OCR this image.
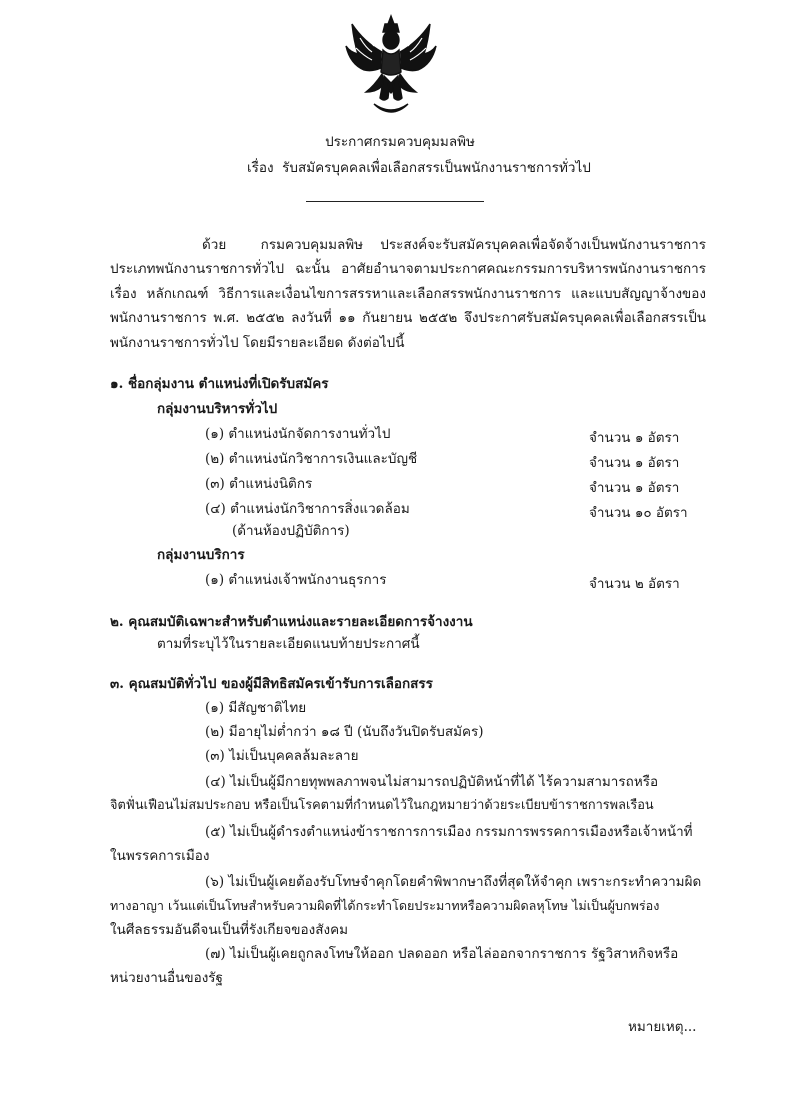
ประกาศกรมควบคุมมลพิษ
เรื่อง รับสมัครบุคคลเพื่อเลือกสรรเป็นพนักงานราชการทั่วไป
ด้วย	กรมควบคุมมลพิษ ประสงค์จะรับสมัครบุคคลเพื่อจัดจ้างเป็นพนักงานราชการประเภทพนักงานราชการทั่วไป ฉะนั้น อาศัยอำนาจตามประกาศคณะกรรมการบริหารพนักงานราชการ เรื่อง หลักเกณฑ์ วิธีการและเงื่อนไขการสรรหาและเลือกสรรพนักงานราชการ และแบบสัญญาจ้างของพนักงานราชการ พ.ศ. ๒๕๕๒ ลงวันที่ ๑๑ กันยายน ๒๕๕๒ จึงประกาศรับสมัครบุคคลเพื่อเลือกสรรเป็นพนักงานราชการทั่วไป โดยมีรายละเอียด ดังต่อไปนี้
๑. ชื่อกลุ่มงาน ตำแหน่งที่เปิดรับสมัคร
กลุ่มงานบริหารทั่วไป
(๑) ตำแหน่งนักจัดการงานทั่วไป	จำนวน ๑ อัตรา
(๒) ตำแหน่งนักวิชาการเงินและบัญชี	จำนวน ๑ อัตรา
(๓) ตำแหน่งนิติกร	จำนวน ๑ อัตรา
(๔) ตำแหน่งนักวิชาการสิ่งแวดล้อม	จำนวน ๑๐ อัตรา
(ด้านห้องปฏิบัติการ)
กลุ่มงานบริการ
(๑) ตำแหน่งเจ้าพนักงานธุรการ	จำนวน ๒ อัตรา
๒. คุณสมบัติเฉพาะสำหรับตำแหน่งและรายละเอียดการจ้างงาน
ตามที่ระบุไว้ในรายละเอียดแนบท้ายประกาศนี้
๓. คุณสมบัติทั่วไป ของผู้มีสิทธิสมัครเข้ารับการเลือกสรร
(๑) มีสัญชาติไทย
(๒) มีอายุไม่ต่ำกว่า ๑๘ ปี (นับถึงวันปิดรับสมัคร)
(๓) ไม่เป็นบุคคลล้มละลาย
(๔) ไม่เป็นผู้มีกายทุพพลภาพจนไม่สามารถปฏิบัติหน้าที่ได้ ไร้ความสามารถหรือ
จิตฟั่นเฟือนไม่สมประกอบ หรือเป็นโรคตามที่กำหนดไว้ในกฎหมายว่าด้วยระเบียบข้าราชการพลเรือน
(๕) ไม่เป็นผู้ดำรงตำแหน่งข้าราชการการเมือง กรรมการพรรคการเมืองหรือเจ้าหน้าที่
ในพรรคการเมือง
(๖) ไม่เป็นผู้เคยต้องรับโทษจำคุกโดยคำพิพากษาถึงที่สุดให้จำคุก เพราะกระทำความผิด
ทางอาญา เว้นแต่เป็นโทษสำหรับความผิดที่ได้กระทำโดยประมาทหรือความผิดลหุโทษ ไม่เป็นผู้บกพร่อง
ในศีลธรรมอันดีจนเป็นที่รังเกียจของสังคม
(๗) ไม่เป็นผู้เคยถูกลงโทษให้ออก ปลดออก หรือไล่ออกจากราชการ รัฐวิสาหกิจหรือ
หน่วยงานอื่นของรัฐ
หมายเหตุ...
